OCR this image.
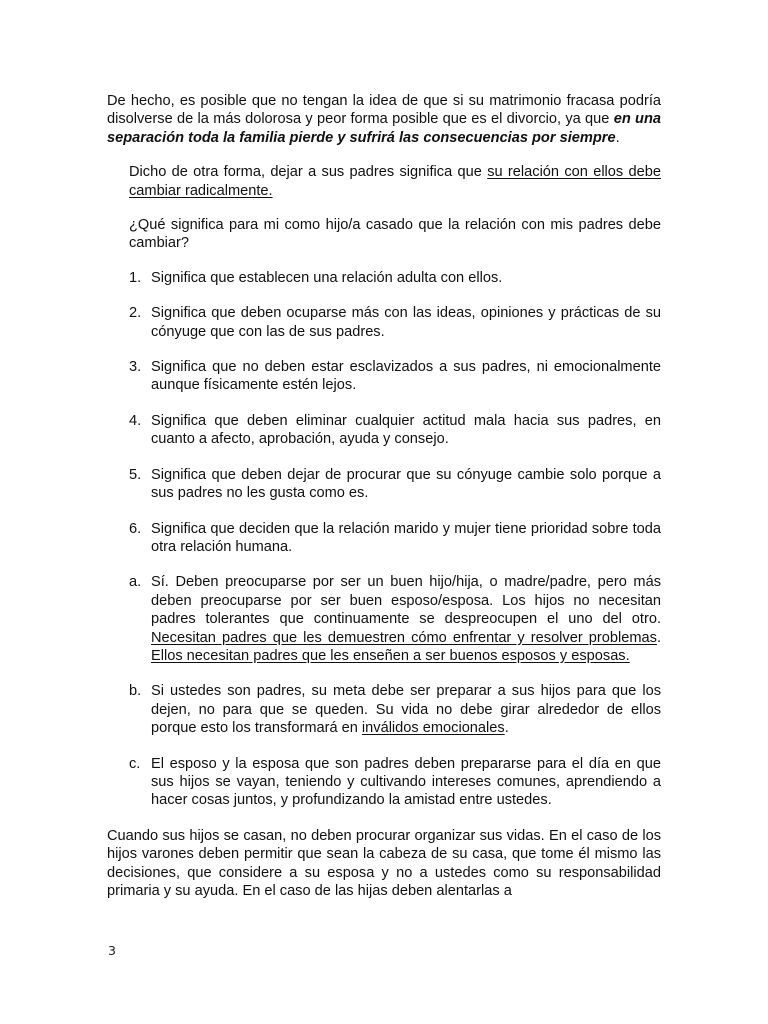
De hecho, es posible que no tengan la idea de que si su matrimonio fracasa podría disolverse de la más dolorosa y peor forma posible que es el divorcio, ya que en una separación toda la familia pierde y sufrirá las consecuencias por siempre.

Dicho de otra forma, dejar a sus padres significa que su relación con ellos debe cambiar radicalmente.

¿Qué significa para mi como hijo/a casado que la relación con mis padres debe cambiar?

1. Significa que establecen una relación adulta con ellos.
2. Significa que deben ocuparse más con las ideas, opiniones y prácticas de su cónyuge que con las de sus padres.
3. Significa que no deben estar esclavizados a sus padres, ni emocionalmente aunque físicamente estén lejos.
4. Significa que deben eliminar cualquier actitud mala hacia sus padres, en cuanto a afecto, aprobación, ayuda y consejo.
5. Significa que deben dejar de procurar que su cónyuge cambie solo porque a sus padres no les gusta como es.
6. Significa que deciden que la relación marido y mujer tiene prioridad sobre toda otra relación humana.
a. Sí. Deben preocuparse por ser un buen hijo/hija, o madre/padre, pero más deben preocuparse por ser buen esposo/esposa. Los hijos no necesitan padres tolerantes que continuamente se despreocupen el uno del otro. Necesitan padres que les demuestren cómo enfrentar y resolver problemas. Ellos necesitan padres que les enseñen a ser buenos esposos y esposas.
b. Si ustedes son padres, su meta debe ser preparar a sus hijos para que los dejen, no para que se queden. Su vida no debe girar alrededor de ellos porque esto los transformará en inválidos emocionales.
c. El esposo y la esposa que son padres deben prepararse para el día en que sus hijos se vayan, teniendo y cultivando intereses comunes, aprendiendo a hacer cosas juntos, y profundizando la amistad entre ustedes.

Cuando sus hijos se casan, no deben procurar organizar sus vidas. En el caso de los hijos varones deben permitir que sean la cabeza de su casa, que tome él mismo las decisiones, que considere a su esposa y no a ustedes como su responsabilidad primaria y su ayuda. En el caso de las hijas deben alentarlas a

3
